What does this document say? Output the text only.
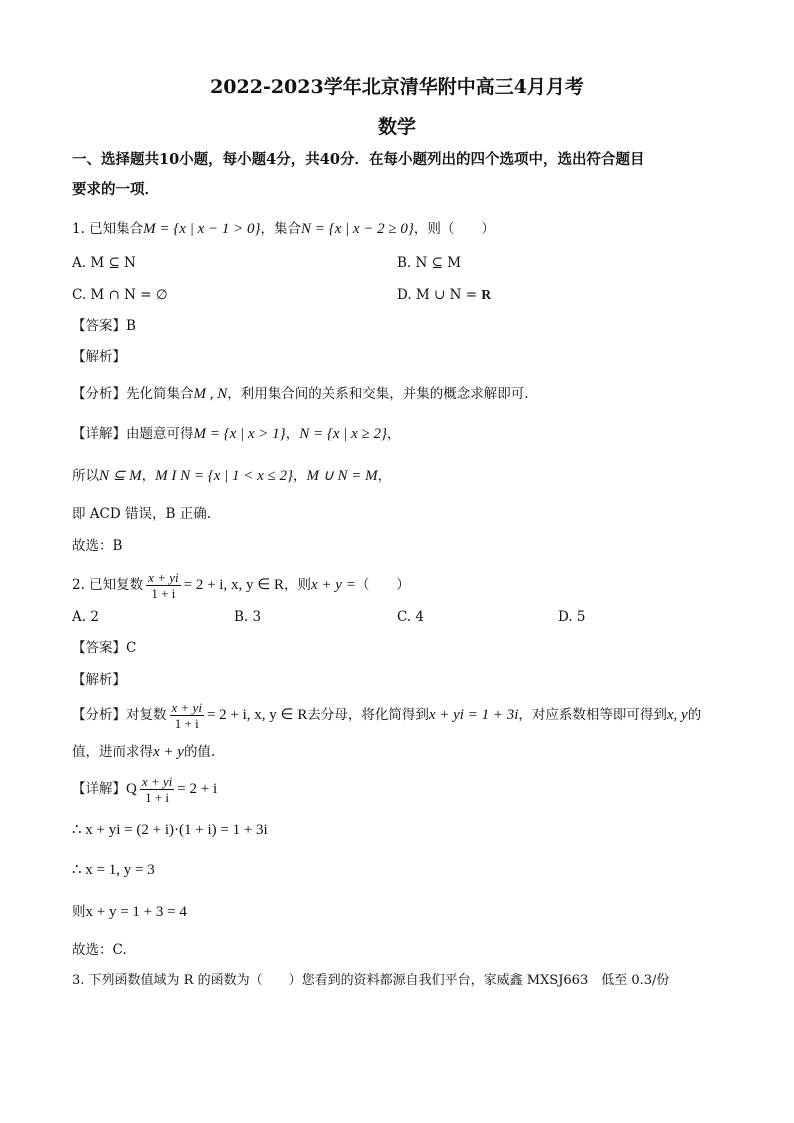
2022-2023学年北京清华附中高三4月月考
数学
一、选择题共10小题，每小题4分，共40分．在每小题列出的四个选项中，选出符合题目
要求的一项．
1. 已知集合M = {x | x − 1 > 0}，集合N = {x | x − 2 ≥ 0}，则（　　）
A. M ⊆ N	B. N ⊆ M
C. M ∩ N = ∅	D. M ∪ N = R
【答案】B
【解析】
【分析】先化简集合M , N，利用集合间的关系和交集，并集的概念求解即可.
【详解】由题意可得M = {x | x > 1}，N = {x | x ≥ 2}，
所以N ⊆ M，M I N = {x | 1 < x ≤ 2}，M ∪ N = M，
即 ACD 错误，B 正确.
故选：B
2. 已知复数 $\frac{x + yi}{1 + i} = 2 + i$, x, y ∈ R，则x + y =（　　）
A. 2	B. 3	C. 4	D. 5
【答案】C
【解析】
【分析】对复数 $\frac{x + yi}{1 + i} = 2 + i$, x, y ∈ R去分母，将化简得到x + yi = 1 + 3i，对应系数相等即可得到x, y的
值，进而求得x + y的值.
【详解】Q $\frac{x + yi}{1 + i} = 2 + i$
∴ x + yi = (2 + i)·(1 + i) = 1 + 3i
∴ x = 1, y = 3
则x + y = 1 + 3 = 4
故选：C.
3. 下列函数值域为 R 的函数为（　　）您看到的资料都源自我们平台，家威鑫 MXSJ663　低至 0.3/份
